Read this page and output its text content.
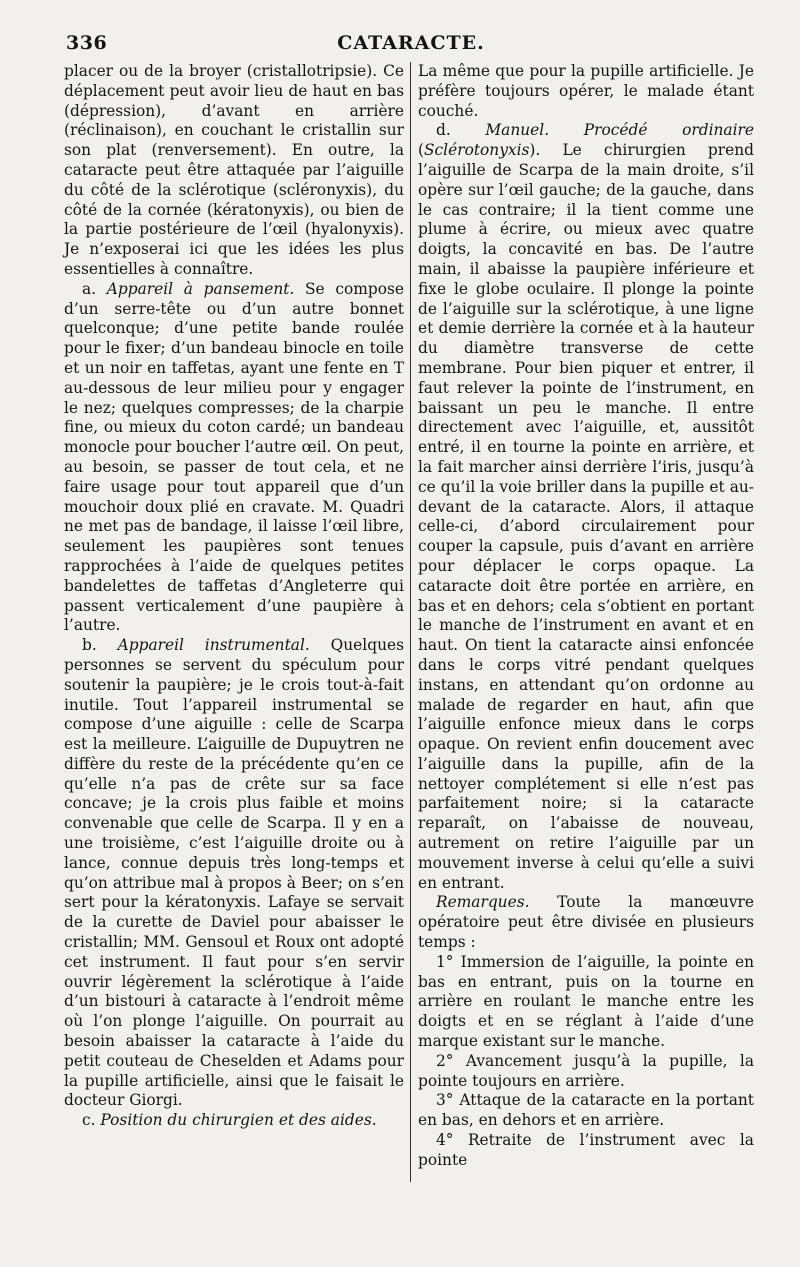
336	CATARACTE.

placer ou de la broyer (cristallotripsie). Ce déplacement peut avoir lieu de haut en bas (dépression), d’avant en arrière (réclinaison), en couchant le cristallin sur son plat (renversement). En outre, la cataracte peut être attaquée par l’aiguille du côté de la sclérotique (scléronyxis), du côté de la cornée (kératonyxis), ou bien de la partie postérieure de l’œil (hyalonyxis). Je n’exposerai ici que les idées les plus essentielles à connaître.

a. Appareil à pansement. Se compose d’un serre-tête ou d’un autre bonnet quelconque; d’une petite bande roulée pour le fixer; d’un bandeau binocle en toile et un noir en taffetas, ayant une fente en T au-dessous de leur milieu pour y engager le nez; quelques compresses; de la charpie fine, ou mieux du coton cardé; un bandeau monocle pour boucher l’autre œil. On peut, au besoin, se passer de tout cela, et ne faire usage pour tout appareil que d’un mouchoir doux plié en cravate. M. Quadri ne met pas de bandage, il laisse l’œil libre, seulement les paupières sont tenues rapprochées à l’aide de quelques petites bandelettes de taffetas d’Angleterre qui passent verticalement d’une paupière à l’autre.

b. Appareil instrumental. Quelques personnes se servent du spéculum pour soutenir la paupière; je le crois tout-à-fait inutile. Tout l’appareil instrumental se compose d’une aiguille : celle de Scarpa est la meilleure. L’aiguille de Dupuytren ne diffère du reste de la précédente qu’en ce qu’elle n’a pas de crête sur sa face concave; je la crois plus faible et moins convenable que celle de Scarpa. Il y en a une troisième, c’est l’aiguille droite ou à lance, connue depuis très long-temps et qu’on attribue mal à propos à Beer; on s’en sert pour la kératonyxis. Lafaye se servait de la curette de Daviel pour abaisser le cristallin; MM. Gensoul et Roux ont adopté cet instrument. Il faut pour s’en servir ouvrir légèrement la sclérotique à l’aide d’un bistouri à cataracte à l’endroit même où l’on plonge l’aiguille. On pourrait au besoin abaisser la cataracte à l’aide du petit couteau de Cheselden et Adams pour la pupille artificielle, ainsi que le faisait le docteur Giorgi.

c. Position du chirurgien et des aides.

La même que pour la pupille artificielle. Je préfère toujours opérer, le malade étant couché.

d. Manuel. Procédé ordinaire (Sclérotonyxis). Le chirurgien prend l’aiguille de Scarpa de la main droite, s’il opère sur l’œil gauche; de la gauche, dans le cas contraire; il la tient comme une plume à écrire, ou mieux avec quatre doigts, la concavité en bas. De l’autre main, il abaisse la paupière inférieure et fixe le globe oculaire. Il plonge la pointe de l’aiguille sur la sclérotique, à une ligne et demie derrière la cornée et à la hauteur du diamètre transverse de cette membrane. Pour bien piquer et entrer, il faut relever la pointe de l’instrument, en baissant un peu le manche. Il entre directement avec l’aiguille, et, aussitôt entré, il en tourne la pointe en arrière, et la fait marcher ainsi derrière l’iris, jusqu’à ce qu’il la voie briller dans la pupille et au-devant de la cataracte. Alors, il attaque celle-ci, d’abord circulairement pour couper la capsule, puis d’avant en arrière pour déplacer le corps opaque. La cataracte doit être portée en arrière, en bas et en dehors; cela s’obtient en portant le manche de l’instrument en avant et en haut. On tient la cataracte ainsi enfoncée dans le corps vitré pendant quelques instans, en attendant qu’on ordonne au malade de regarder en haut, afin que l’aiguille enfonce mieux dans le corps opaque. On revient enfin doucement avec l’aiguille dans la pupille, afin de la nettoyer complétement si elle n’est pas parfaitement noire; si la cataracte reparaît, on l’abaisse de nouveau, autrement on retire l’aiguille par un mouvement inverse à celui qu’elle a suivi en entrant.

Remarques. Toute la manœuvre opératoire peut être divisée en plusieurs temps :

1° Immersion de l’aiguille, la pointe en bas en entrant, puis on la tourne en arrière en roulant le manche entre les doigts et en se réglant à l’aide d’une marque existant sur le manche.

2° Avancement jusqu’à la pupille, la pointe toujours en arrière.

3° Attaque de la cataracte en la portant en bas, en dehors et en arrière.

4° Retraite de l’instrument avec la pointe
